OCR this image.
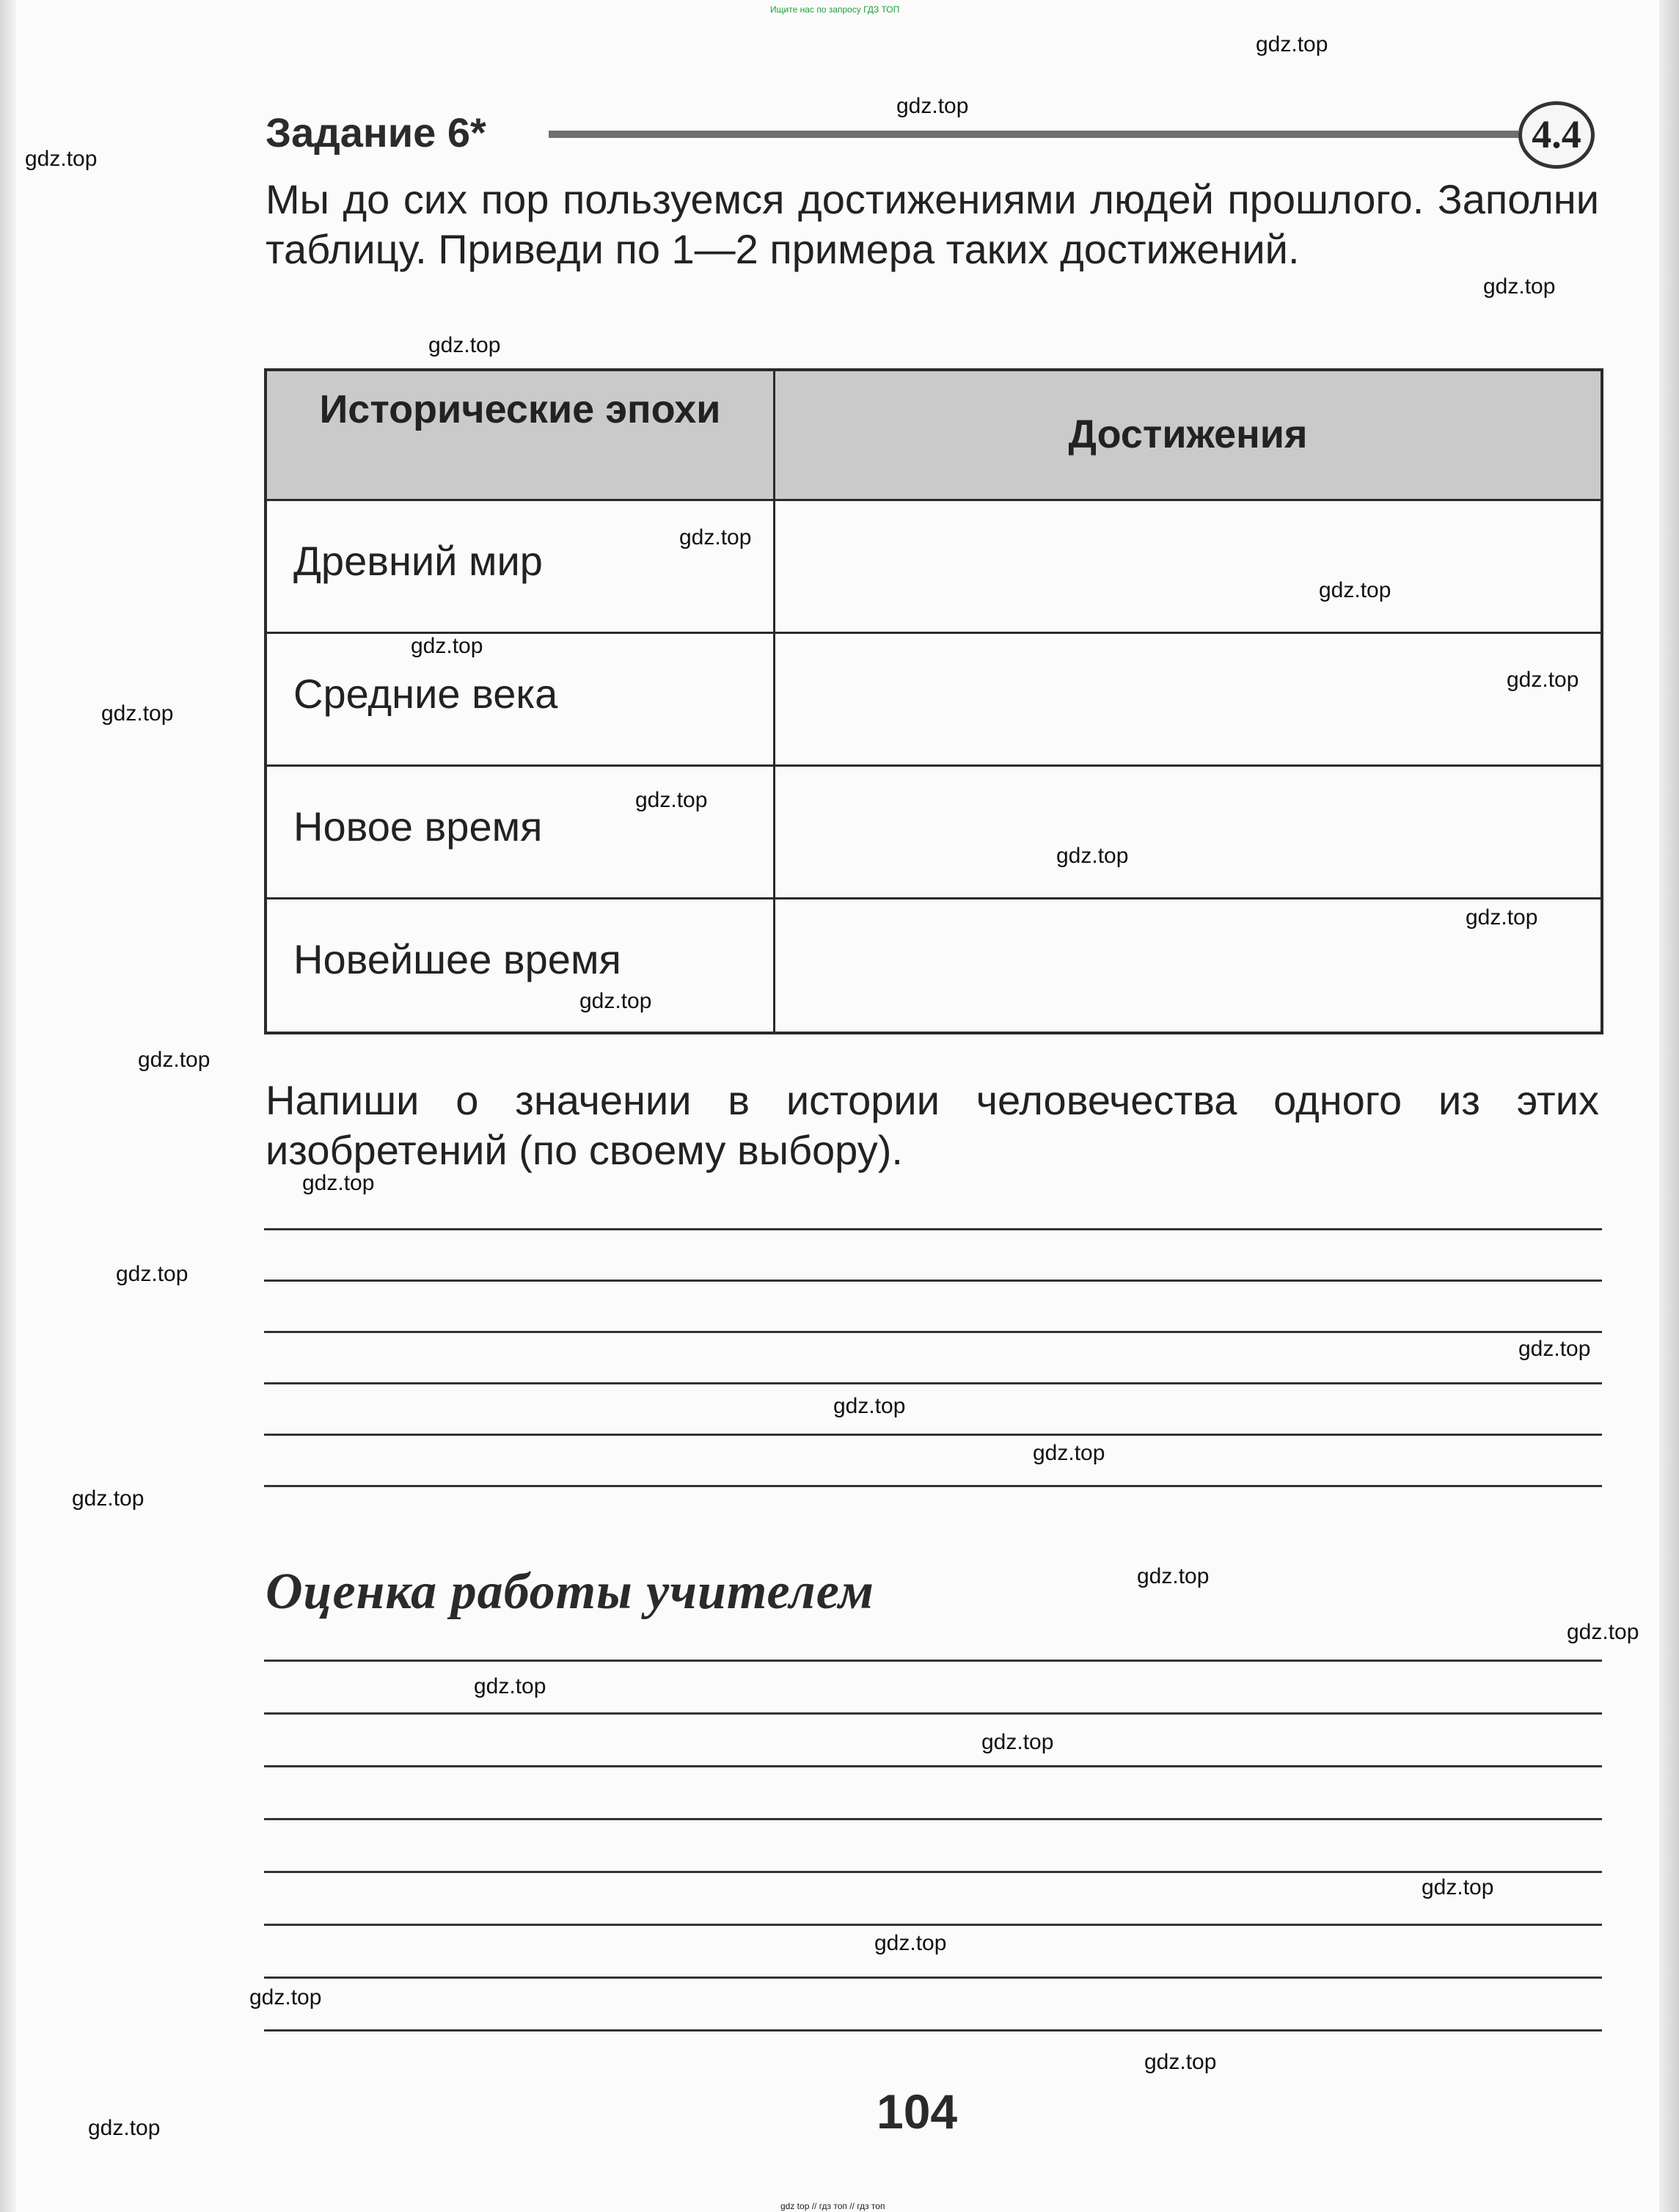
Ищите нас по запросу ГДЗ ТОП
Задание 6*	4.4
Мы до сих пор пользуемся достижениями людей прошлого. Заполни таблицу. Приведи по 1—2 примера таких достижений.
Исторические эпохи
Достижения
Древний мир
Средние века
Новое время
Новейшее время
Напиши о значении в истории человечества одного из этих изобретений (по своему выбору).
Оценка работы учителем
104
gdz.top
gdz.top
gdz.top
gdz.top
gdz.top
gdz.top
gdz.top
gdz.top
gdz.top
gdz.top
gdz.top
gdz.top
gdz.top
gdz.top
gdz.top
gdz.top
gdz.top
gdz.top
gdz.top
gdz.top
gdz.top
gdz.top
gdz.top
gdz.top
gdz.top
gdz.top
gdz.top
gdz.top
gdz.top
gdz.top
gdz top // гдз топ // гдз топ
